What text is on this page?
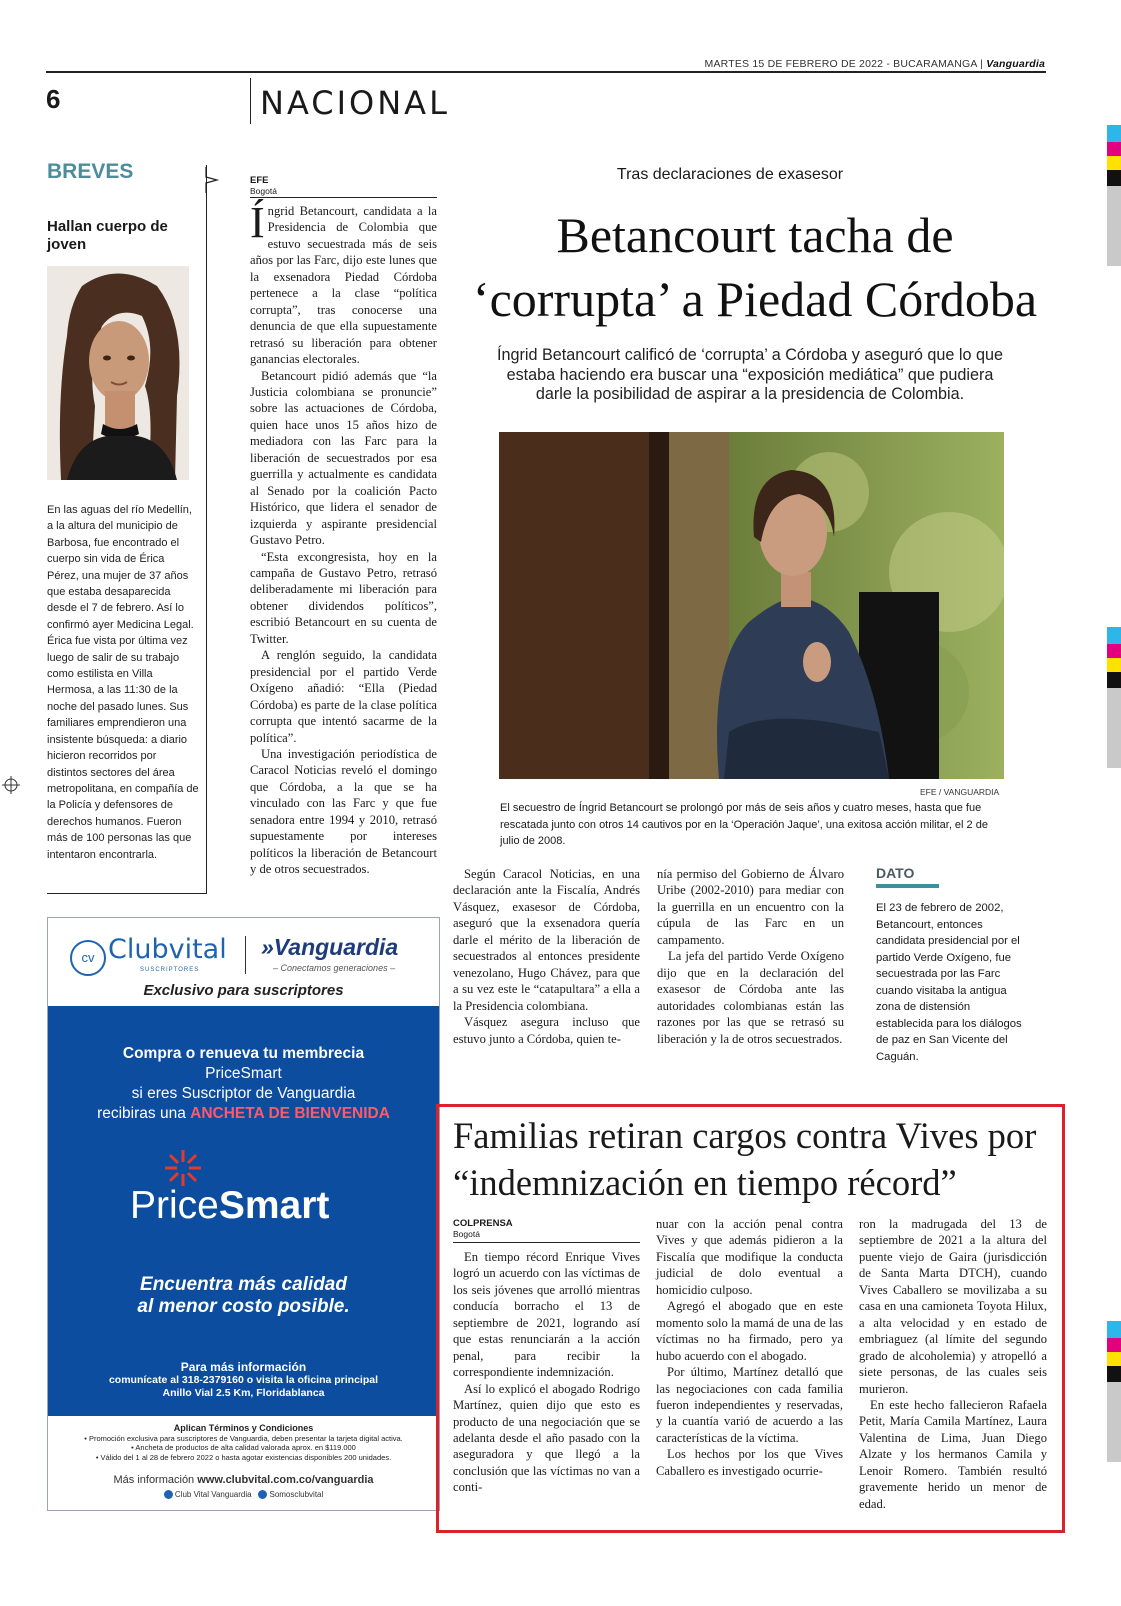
MARTES 15 DE FEBRERO DE 2022 - BUCARAMANGA | Vanguardia
6	NACIONAL
BREVES
Hallan cuerpo de joven

En las aguas del río Medellín, a la altura del municipio de Barbosa, fue encontrado el cuerpo sin vida de Érica Pérez, una mujer de 37 años que estaba desaparecida desde el 7 de febrero. Así lo confirmó ayer Medicina Legal.

Érica fue vista por última vez luego de salir de su trabajo como estilista en Villa Hermosa, a las 11:30 de la noche del pasado lunes. Sus familiares emprendieron una insistente búsqueda: a diario hicieron recorridos por distintos sectores del área metropolitana, en compañía de la Policía y defensores de derechos humanos. Fueron más de 100 personas las que intentaron encontrarla.

EFE
Bogotá

Íngrid Betancourt, candidata a la Presidencia de Colombia que estuvo secuestrada más de seis años por las Farc, dijo este lunes que la exsenadora Piedad Córdoba pertenece a la clase “política corrupta”, tras conocerse una denuncia de que ella supuestamente retrasó su liberación para obtener ganancias electorales.

Betancourt pidió además que “la Justicia colombiana se pronuncie” sobre las actuaciones de Córdoba, quien hace unos 15 años hizo de mediadora con las Farc para la liberación de secuestrados por esa guerrilla y actualmente es candidata al Senado por la coalición Pacto Histórico, que lidera el senador de izquierda y aspirante presidencial Gustavo Petro.

“Esta excongresista, hoy en la campaña de Gustavo Petro, retrasó deliberadamente mi liberación para obtener dividendos políticos”, escribió Betancourt en su cuenta de Twitter.

A renglón seguido, la candidata presidencial por el partido Verde Oxígeno añadió: “Ella (Piedad Córdoba) es parte de la clase política corrupta que intentó sacarme de la política”.

Una investigación periodística de Caracol Noticias reveló el domingo que Córdoba, a la que se ha vinculado con las Farc y que fue senadora entre 1994 y 2010, retrasó supuestamente por intereses políticos la liberación de Betancourt y de otros secuestrados.

Tras declaraciones de exasesor
Betancourt tacha de ‘corrupta’ a Piedad Córdoba
Íngrid Betancourt calificó de ‘corrupta’ a Córdoba y aseguró que lo que estaba haciendo era buscar una “exposición mediática” que pudiera darle la posibilidad de aspirar a la presidencia de Colombia.
EFE / VANGUARDIA
El secuestro de Íngrid Betancourt se prolongó por más de seis años y cuatro meses, hasta que fue rescatada junto con otros 14 cautivos por en la ‘Operación Jaque’, una exitosa acción militar, el 2 de julio de 2008.

Según Caracol Noticias, en una declaración ante la Fiscalía, Andrés Vásquez, exasesor de Córdoba, aseguró que la exsenadora quería darle el mérito de la liberación de secuestrados al entonces presidente venezolano, Hugo Chávez, para que a su vez este le “catapultara” a ella a la Presidencia colombiana.

Vásquez asegura incluso que estuvo junto a Córdoba, quien te-

nía permiso del Gobierno de Álvaro Uribe (2002-2010) para mediar con la guerrilla en un encuentro con la cúpula de las Farc en un campamento.

La jefa del partido Verde Oxígeno dijo que en la declaración del exasesor de Córdoba ante las autoridades colombianas están las razones por las que se retrasó su liberación y la de otros secuestrados.

DATO
El 23 de febrero de 2002, Betancourt, entonces candidata presidencial por el partido Verde Oxígeno, fue secuestrada por las Farc cuando visitaba la antigua zona de distensión establecida para los diálogos de paz en San Vicente del Caguán.
cv Clubvital
SUSCRIPTORES
»Vanguardia
– Conectamos generaciones –
Exclusivo para suscriptores
Compra o renueva tu membrecia
PriceSmart
si eres Suscriptor de Vanguardia
recibiras una ANCHETA DE BIENVENIDA
PriceSmart
Encuentra más calidad
al menor costo posible.
Para más información
comunícate al 318-2379160 o visita la oficina principal
Anillo Vial 2.5 Km, Floridablanca
Aplican Términos y Condiciones
• Promoción exclusiva para suscriptores de Vanguardia, deben presentar la tarjeta digital activa.
• Ancheta de productos de alta calidad valorada aprox. en $119.000
• Válido del 1 al 28 de febrero 2022 o hasta agotar existencias disponibles 200 unidades.
Más información www.clubvital.com.co/vanguardia
Club Vital Vanguardia Somosclubvital
Familias retiran cargos contra Vives por “indemnización en tiempo récord”
COLPRENSA
Bogotá

En tiempo récord Enrique Vives logró un acuerdo con las víctimas de los seis jóvenes que arrolló mientras conducía borracho el 13 de septiembre de 2021, logrando así que estas renunciarán a la acción penal, para recibir la correspondiente indemnización.

Así lo explicó el abogado Rodrigo Martínez, quien dijo que esto es producto de una negociación que se adelanta desde el año pasado con la aseguradora y que llegó a la conclusión que las víctimas no van a conti-

nuar con la acción penal contra Vives y que además pidieron a la Fiscalía que modifique la conducta judicial de dolo eventual a homicidio culposo.

Agregó el abogado que en este momento solo la mamá de una de las víctimas no ha firmado, pero ya hubo acuerdo con el abogado.

Por último, Martínez detalló que las negociaciones con cada familia fueron independientes y reservadas, y la cuantía varió de acuerdo a las características de la víctima.

Los hechos por los que Vives Caballero es investigado ocurrie-

ron la madrugada del 13 de septiembre de 2021 a la altura del puente viejo de Gaira (jurisdicción de Santa Marta DTCH), cuando Vives Caballero se movilizaba a su casa en una camioneta Toyota Hilux, a alta velocidad y en estado de embriaguez (al límite del segundo grado de alcoholemia) y atropelló a siete personas, de las cuales seis murieron.

En este hecho fallecieron Rafaela Petit, María Camila Martínez, Laura Valentina de Lima, Juan Diego Alzate y los hermanos Camila y Lenoir Romero. También resultó gravemente herido un menor de edad.
